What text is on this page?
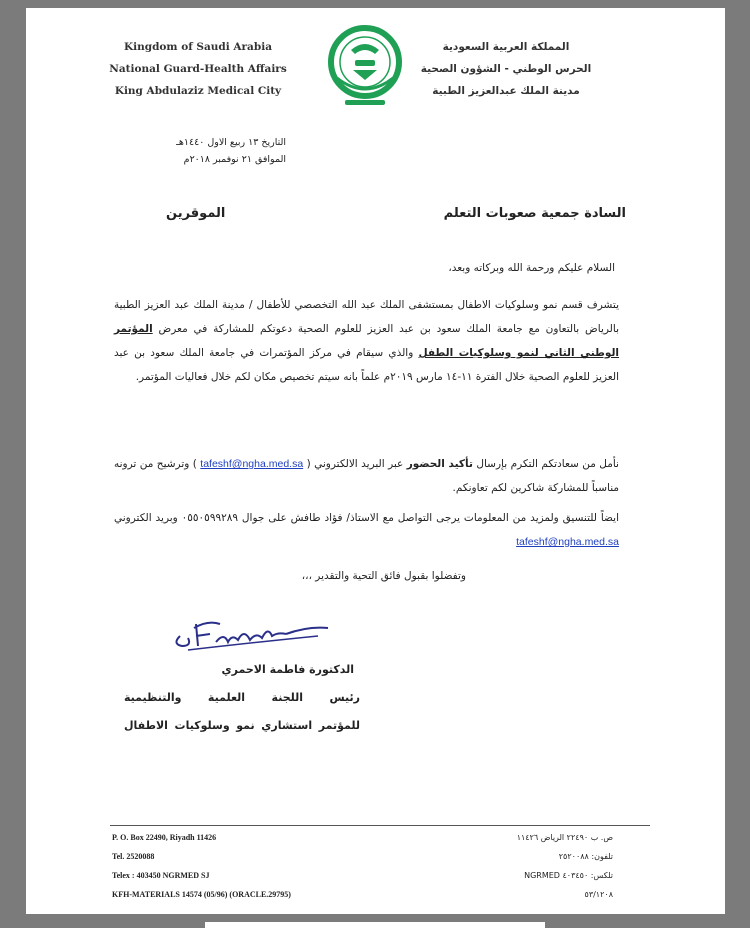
Kingdom of Saudi Arabia
National Guard-Health Affairs
King Abdulaziz Medical City
المملكة العربية السعودية
الحرس الوطني - الشؤون الصحية
مدينة الملك عبدالعزيز الطبية
التاريخ ١٣ ربيع الاول ١٤٤٠هـ
الموافق ٢١ نوفمبر ٢٠١٨م
السادة جمعية صعوبات التعلم
الموقرين
السلام عليكم ورحمة الله وبركاته وبعد،
يتشرف قسم نمو وسلوكيات الاطفال بمستشفى الملك عبد الله التخصصي للأطفال / مدينة الملك عبد العزيز الطبية بالرياض بالتعاون مع جامعة الملك سعود بن عبد العزيز للعلوم الصحية دعوتكم للمشاركة في معرض المؤتمر الوطني الثاني لنمو وسلوكيات الطفل والذي سيقام في مركز المؤتمرات في جامعة الملك سعود بن عبد العزيز للعلوم الصحية خلال الفترة ١١-١٤ مارس ٢٠١٩م علماً بانه سيتم تخصيص مكان لكم خلال فعاليات المؤتمر.
نأمل من سعادتكم التكرم بإرسال تأكيد الحضور عبر البريد الالكتروني ( tafeshf@ngha.med.sa ) وترشيح من ترونه مناسباً للمشاركة شاكرين لكم تعاونكم.
ايضاً للتنسيق ولمزيد من المعلومات يرجى التواصل مع الاستاذ/ فؤاد طافش على جوال ٠٥٥٠٥٩٩٢٨٩ وبريد الكتروني tafeshf@ngha.med.sa
وتفضلوا بقبول فائق التحية والتقدير ،،،
الدكتورة فاطمة الاحمري
رئيس اللجنة العلمية والتنظيمية
للمؤتمر استشاري نمو وسلوكيات الاطفال
P. O. Box 22490, Riyadh 11426
Tel. 2520088
Telex : 403450 NGRMED SJ
KFH-MATERIALS 14574 (05/96) (ORACLE.29795)
ص. ب ٢٢٤٩٠ الرياض ١١٤٢٦
تلفون: ٢٥٢٠٠٨٨
تلكس: ٤٠٣٤٥٠ NGRMED
٥٣/١٢٠٨
